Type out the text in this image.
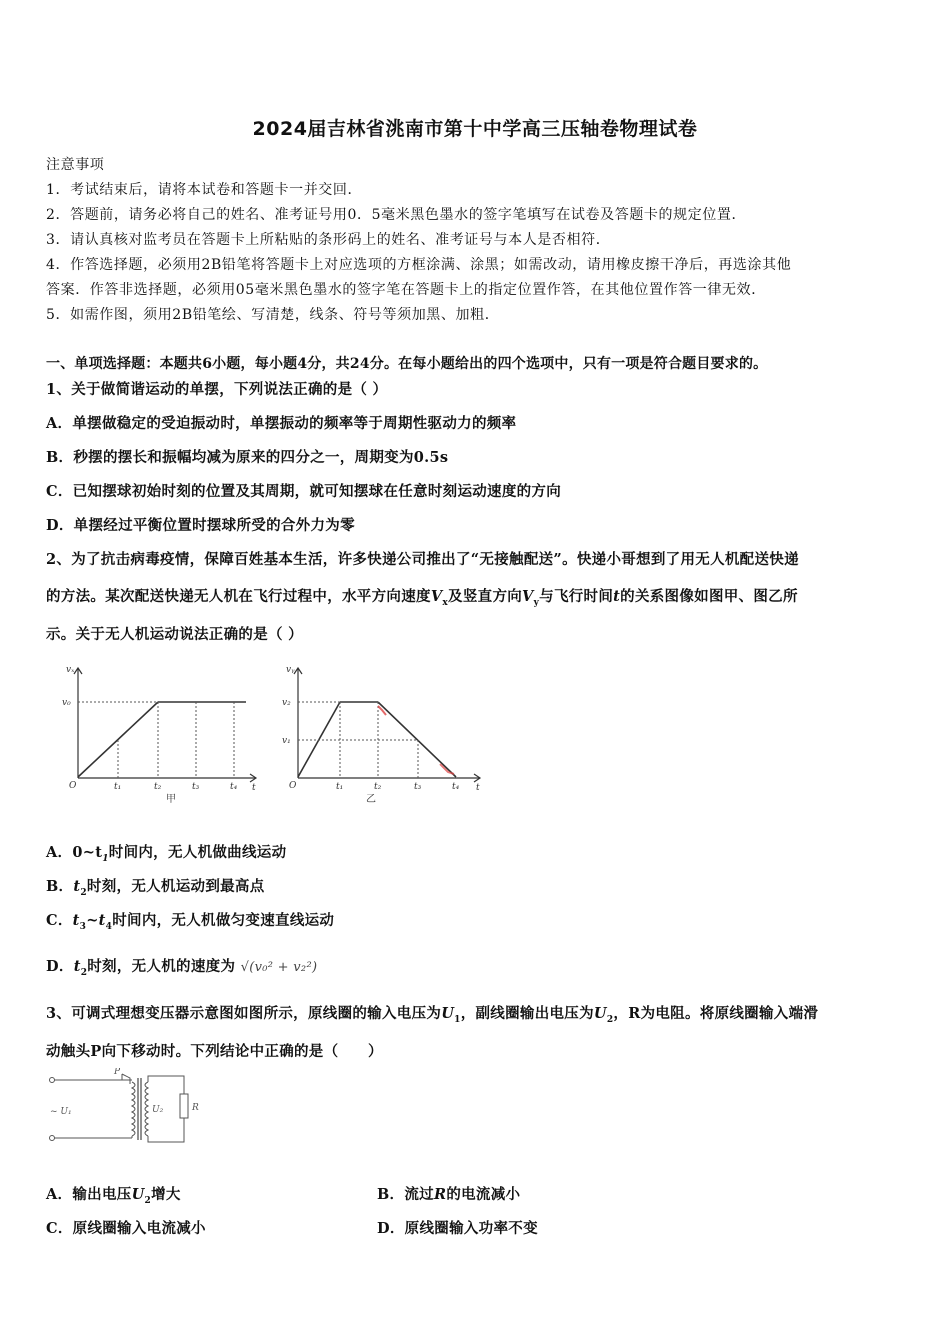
2024届吉林省洮南市第十中学高三压轴卷物理试卷
注意事项
1．考试结束后，请将本试卷和答题卡一并交回．
2．答题前，请务必将自己的姓名、准考证号用0．5毫米黑色墨水的签字笔填写在试卷及答题卡的规定位置．
3．请认真核对监考员在答题卡上所粘贴的条形码上的姓名、准考证号与本人是否相符．
4．作答选择题，必须用2B铅笔将答题卡上对应选项的方框涂满、涂黑；如需改动，请用橡皮擦干净后，再选涂其他
答案．作答非选择题，必须用05毫米黑色墨水的签字笔在答题卡上的指定位置作答，在其他位置作答一律无效．
5．如需作图，须用2B铅笔绘、写清楚，线条、符号等须加黑、加粗．
一、单项选择题：本题共6小题，每小题4分，共24分。在每小题给出的四个选项中，只有一项是符合题目要求的。
1、关于做简谐运动的单摆，下列说法正确的是（ ）
A．单摆做稳定的受迫振动时，单摆振动的频率等于周期性驱动力的频率
B．秒摆的摆长和振幅均减为原来的四分之一，周期变为0.5s
C．已知摆球初始时刻的位置及其周期，就可知摆球在任意时刻运动速度的方向
D．单摆经过平衡位置时摆球所受的合外力为零
2、为了抗击病毒疫情，保障百姓基本生活，许多快递公司推出了“无接触配送”。快递小哥想到了用无人机配送快递
的方法。某次配送快递无人机在飞行过程中，水平方向速度$V_x$及竖直方向$V_y$与飞行时间t的关系图像如图甲、图乙所
示。关于无人机运动说法正确的是（ ）
vₓ
v₀
O	t₁	t₂	t₃	t₄ t
甲
vᵧ
v₂
v₁
O	t₁	t₂	t₃	t₄ t
乙
A．$0\sim t_1$时间内，无人机做曲线运动
B．$t_2$时刻，无人机运动到最高点
C．$t_3\sim t_4$时间内，无人机做匀变速直线运动
D．$t_2$时刻，无人机的速度为 √(v₀² + v₂²)
3、可调式理想变压器示意图如图所示，原线圈的输入电压为$U_1$，副线圈输出电压为$U_2$，R为电阻。将原线圈输入端滑
动触头P向下移动时。下列结论中正确的是（　　）
P
~ U₁	U₂	R
A．输出电压$U_2$增大	B．流过R的电流减小
C．原线圈输入电流减小	D．原线圈输入功率不变
